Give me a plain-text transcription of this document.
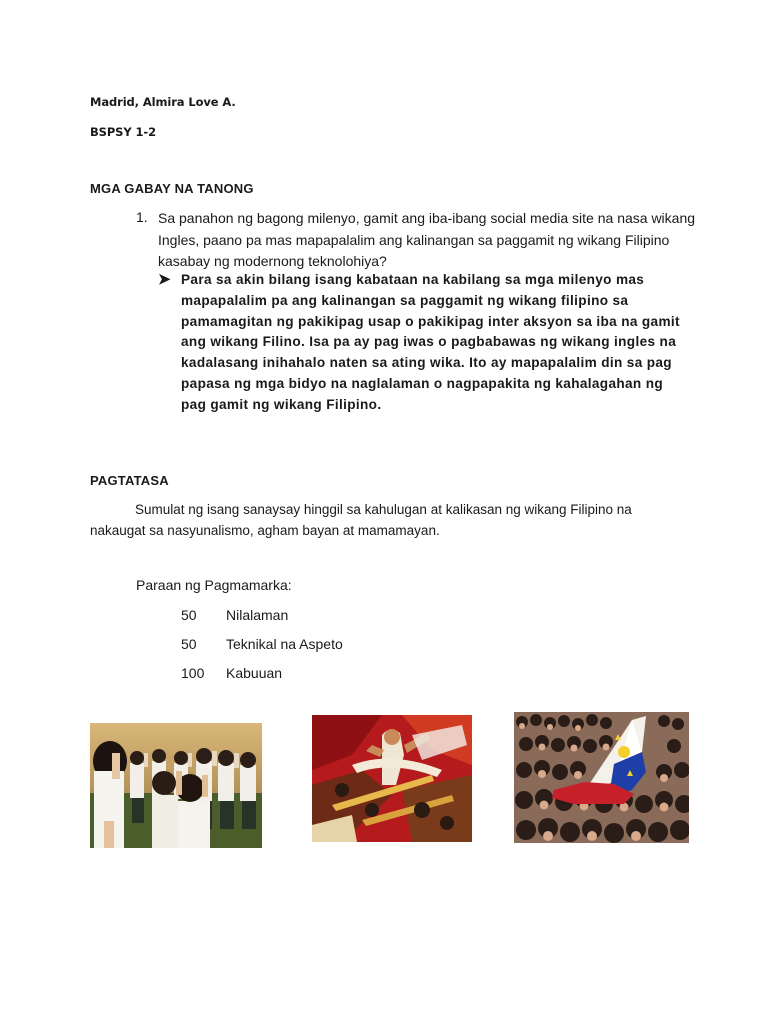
Madrid, Almira Love A.
BSPSY 1-2
MGA GABAY NA TANONG
1. Sa panahon ng bagong milenyo, gamit ang iba-ibang social media site na nasa wikang Ingles, paano pa mas mapapalalim ang kalinangan sa paggamit ng wikang Filipino kasabay ng modernong teknolohiya?
➤ Para sa akin bilang isang kabataan na kabilang sa mga milenyo mas mapapalalim pa ang kalinangan sa paggamit ng wikang filipino sa pamamagitan ng pakikipag usap o pakikipag inter aksyon sa iba na gamit ang wikang Filino. Isa pa ay pag iwas o pagbabawas ng wikang ingles na kadalasang inihahalo naten sa ating wika. Ito ay mapapalalim din sa pag papasa ng mga bidyo na naglalaman o nagpapakita ng kahalagahan ng pag gamit ng wikang Filipino.
PAGTATASA
Sumulat ng isang sanaysay hinggil sa kahulugan at kalikasan ng wikang Filipino na nakaugat sa nasyunalismo, agham bayan at mamamayan.
Paraan ng Pagmamarka:
50 Nilalaman
50 Teknikal na Aspeto
100 Kabuuan
